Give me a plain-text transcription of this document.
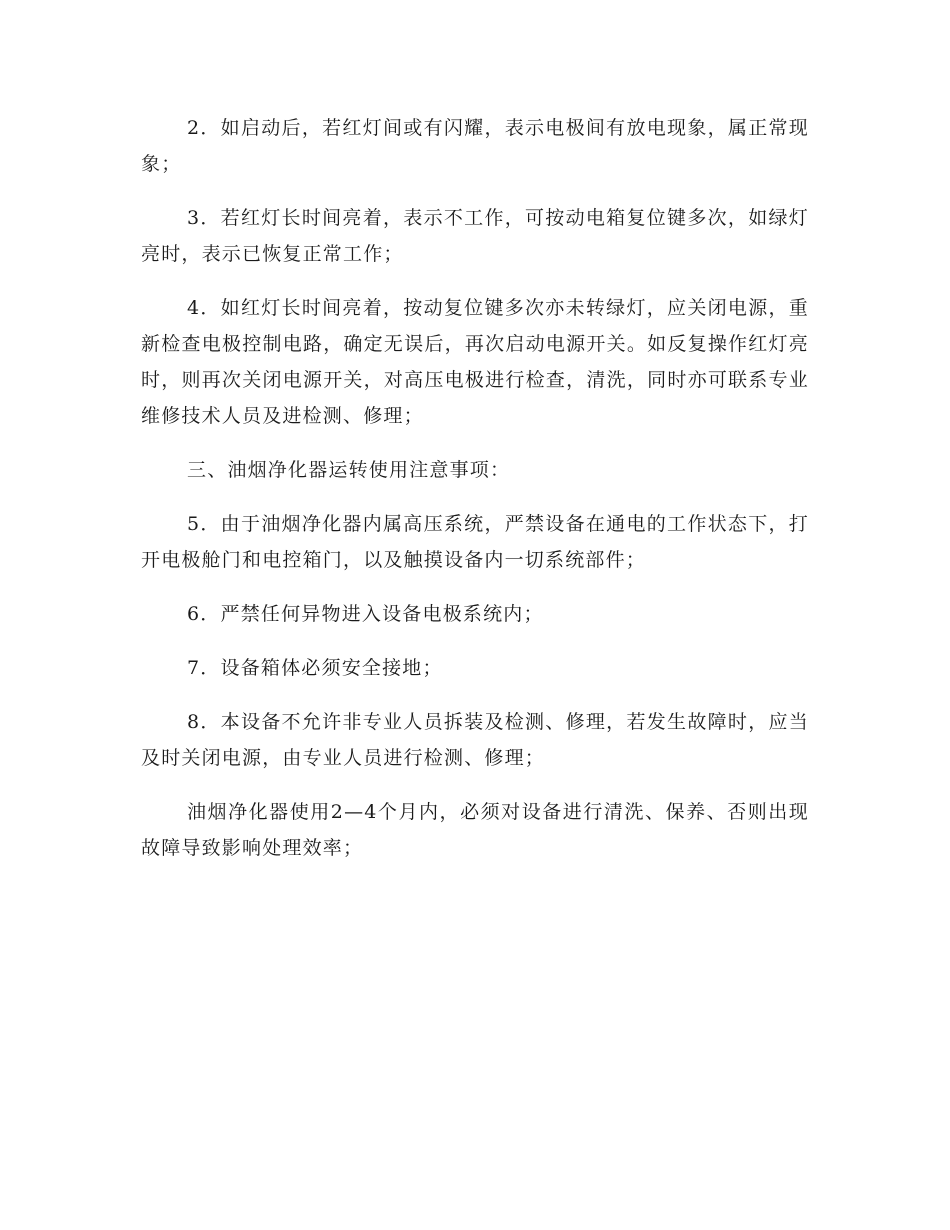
2．如启动后，若红灯间或有闪耀，表示电极间有放电现象，属正常现象；

3．若红灯长时间亮着，表示不工作，可按动电箱复位键多次，如绿灯亮时，表示已恢复正常工作；

4．如红灯长时间亮着，按动复位键多次亦未转绿灯，应关闭电源，重新检查电极控制电路，确定无误后，再次启动电源开关。如反复操作红灯亮时，则再次关闭电源开关，对高压电极进行检查，清洗，同时亦可联系专业维修技术人员及进检测、修理；

三、油烟净化器运转使用注意事项：

5．由于油烟净化器内属高压系统，严禁设备在通电的工作状态下，打开电极舱门和电控箱门，以及触摸设备内一切系统部件；

6．严禁任何异物进入设备电极系统内；

7．设备箱体必须安全接地；

8．本设备不允许非专业人员拆装及检测、修理，若发生故障时，应当及时关闭电源，由专业人员进行检测、修理；

油烟净化器使用2—4个月内，必须对设备进行清洗、保养、否则出现故障导致影响处理效率；
